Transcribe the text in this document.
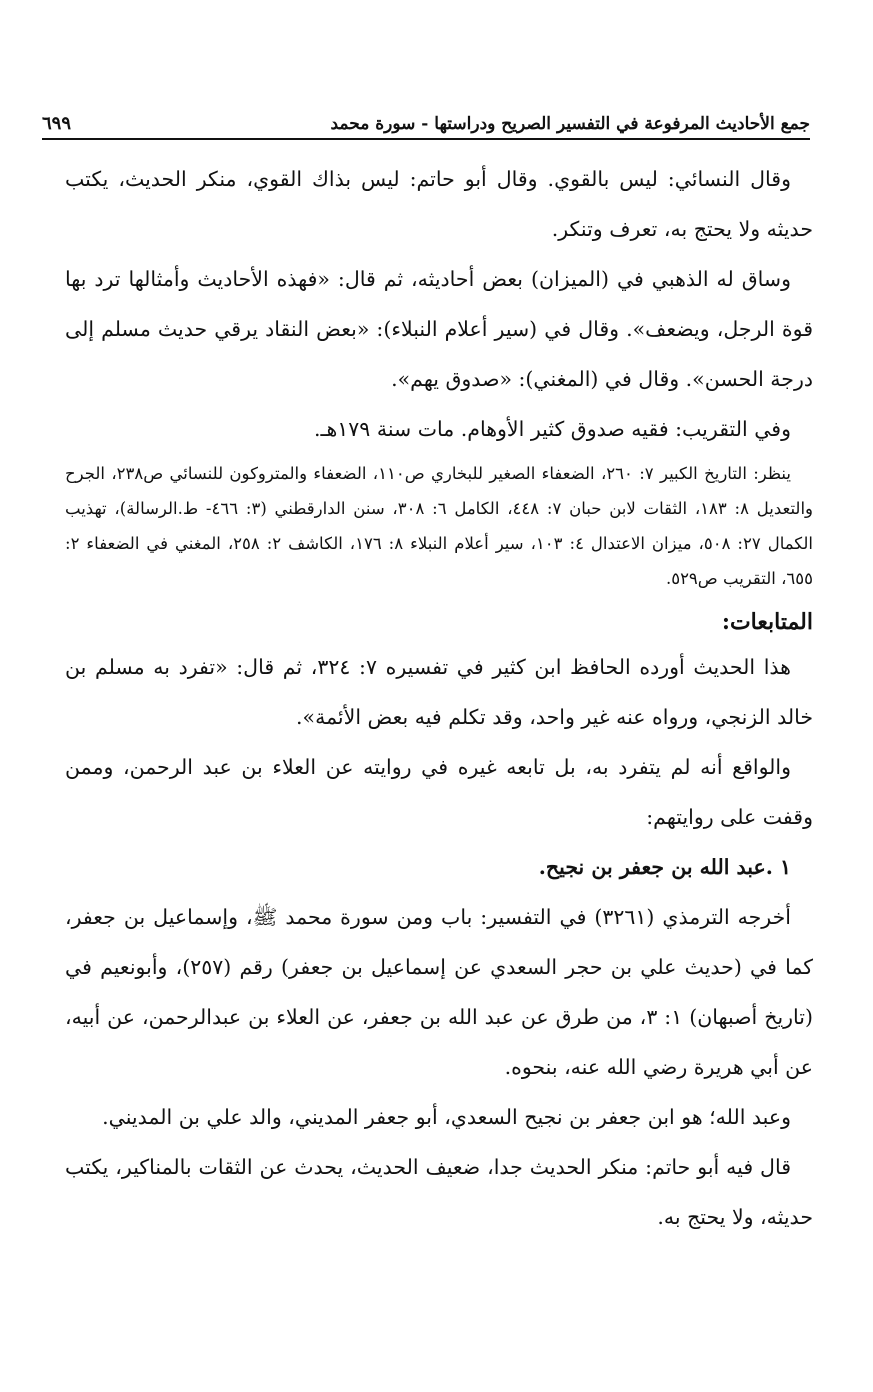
جمع الأحاديث المرفوعة في التفسير الصريح ودراستها - سورة محمد
٦٩٩

وقال النسائي: ليس بالقوي. وقال أبو حاتم: ليس بذاك القوي، منكر الحديث، يكتب حديثه ولا يحتج به، تعرف وتنكر.

وساق له الذهبي في (الميزان) بعض أحاديثه، ثم قال: «فهذه الأحاديث وأمثالها ترد بها قوة الرجل، ويضعف». وقال في (سير أعلام النبلاء): «بعض النقاد يرقي حديث مسلم إلى درجة الحسن». وقال في (المغني): «صدوق يهم».

وفي التقريب: فقيه صدوق كثير الأوهام. مات سنة ١٧٩هـ.

ينظر: التاريخ الكبير ٧: ٢٦٠، الضعفاء الصغير للبخاري ص١١٠، الضعفاء والمتروكون للنسائي ص٢٣٨، الجرح والتعديل ٨: ١٨٣، الثقات لابن حبان ٧: ٤٤٨، الكامل ٦: ٣٠٨، سنن الدارقطني (٣: ٤٦٦- ط.الرسالة)، تهذيب الكمال ٢٧: ٥٠٨، ميزان الاعتدال ٤: ١٠٣، سير أعلام النبلاء ٨: ١٧٦، الكاشف ٢: ٢٥٨، المغني في الضعفاء ٢: ٦٥٥، التقريب ص٥٢٩.

المتابعات:

هذا الحديث أورده الحافظ ابن كثير في تفسيره ٧: ٣٢٤، ثم قال: «تفرد به مسلم بن خالد الزنجي، ورواه عنه غير واحد، وقد تكلم فيه بعض الأئمة».

والواقع أنه لم يتفرد به، بل تابعه غيره في روايته عن العلاء بن عبد الرحمن، وممن وقفت على روايتهم:

١ .عبد الله بن جعفر بن نجيح.

أخرجه الترمذي (٣٢٦١) في التفسير: باب ومن سورة محمد ﷺ، وإسماعيل بن جعفر، كما في (حديث علي بن حجر السعدي عن إسماعيل بن جعفر) رقم (٢٥٧)، وأبونعيم في (تاريخ أصبهان) ١: ٣، من طرق عن عبد الله بن جعفر، عن العلاء بن عبدالرحمن، عن أبيه، عن أبي هريرة رضي الله عنه، بنحوه.

وعبد الله؛ هو ابن جعفر بن نجيح السعدي، أبو جعفر المديني، والد علي بن المديني.

قال فيه أبو حاتم: منكر الحديث جدا، ضعيف الحديث، يحدث عن الثقات بالمناكير، يكتب حديثه، ولا يحتج به.
